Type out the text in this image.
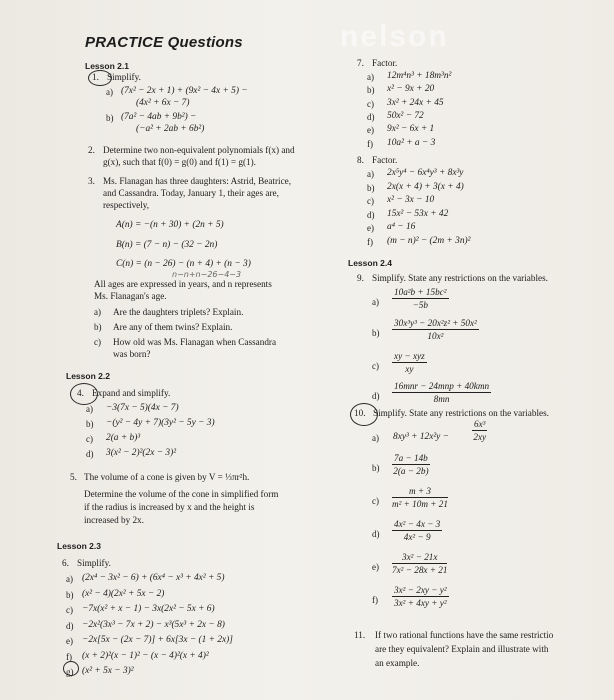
nelson
PRACTICE Questions
Lesson 2.1
1. Simplify.
a) (7x² − 2x + 1) + (9x² − 4x + 5) −
(4x² + 6x − 7)
b) (7a² − 4ab + 9b²) −
(−a² + 2ab + 6b²)
2. Determine two non-equivalent polynomials f(x) and
g(x), such that f(0) = g(0) and f(1) = g(1).
3. Ms. Flanagan has three daughters: Astrid, Beatrice,
and Cassandra. Today, January 1, their ages are,
respectively,
A(n) = −(n + 30) + (2n + 5)
B(n) = (7 − n) − (32 − 2n)
C(n) = (n − 26) − (n + 4) + (n − 3)
n−n+n−26−4−3
All ages are expressed in years, and n represents
Ms. Flanagan's age.
a) Are the daughters triplets? Explain.
b) Are any of them twins? Explain.
c) How old was Ms. Flanagan when Cassandra
was born?
Lesson 2.2
4. Expand and simplify.
a) −3(7x − 5)(4x − 7)
b) −(y² − 4y + 7)(3y² − 5y − 3)
c) 2(a + b)³
d) 3(x² − 2)²(2x − 3)²
5. The volume of a cone is given by V = ⅓πr²h.
Determine the volume of the cone in simplified form
if the radius is increased by x and the height is
increased by 2x.
Lesson 2.3
6. Simplify.
a) (2x⁴ − 3x² − 6) + (6x⁴ − x³ + 4x² + 5)
b) (x² − 4)(2x² + 5x − 2)
c) −7x(x² + x − 1) − 3x(2x² − 5x + 6)
d) −2x²(3x³ − 7x + 2) − x³(5x³ + 2x − 8)
e) −2x[5x − (2x − 7)] + 6x[3x − (1 + 2x)]
f) (x + 2)²(x − 1)² − (x − 4)²(x + 4)²
g) (x² + 5x − 3)²
7. Factor.
a) 12m⁴n³ + 18m³n²
b) x² − 9x + 20
c) 3x² + 24x + 45
d) 50x² − 72
e) 9x² − 6x + 1
f) 10a² + a − 3
8. Factor.
a) 2x⁵y⁴ − 6x⁴y³ + 8x³y
b) 2x(x + 4) + 3(x + 4)
c) x² − 3x − 10
d) 15x² − 53x + 42
e) a⁴ − 16
f) (m − n)² − (2m + 3n)²
Lesson 2.4
9. Simplify. State any restrictions on the variables.
$a) \frac{\text{10a²b + 15bc²}}{-5b}$
$b) \frac{\text{30x³y³ − 20x²z² + 50x²}}{\text{10x²}}$
c)
xy − xyz
xy
d)
16mnr − 24mnp + 40kmn
8mn
10. Simplify. State any restrictions on the variables.
a) $8xy^3 + 12x^2y - \frac{\text{6x³}}{2xy}$
$b) \frac{7a - 14b}{2(a - 2b)}$
$c) \frac{m + 3}{\text{m² + 10m + 21}}$
$d) \frac{\text{4x² − 4x − 3}}{\text{4x² − 9}}$
$e) \frac{\text{3x² − 21x}}{\text{7x² − 28x + 21}}$
$f) \frac{\text{3x² − 2xy − y²}}{\text{3x² + 4xy + y²}}$
11. If two rational functions have the same restrictio
are they equivalent? Explain and illustrate with
an example.
